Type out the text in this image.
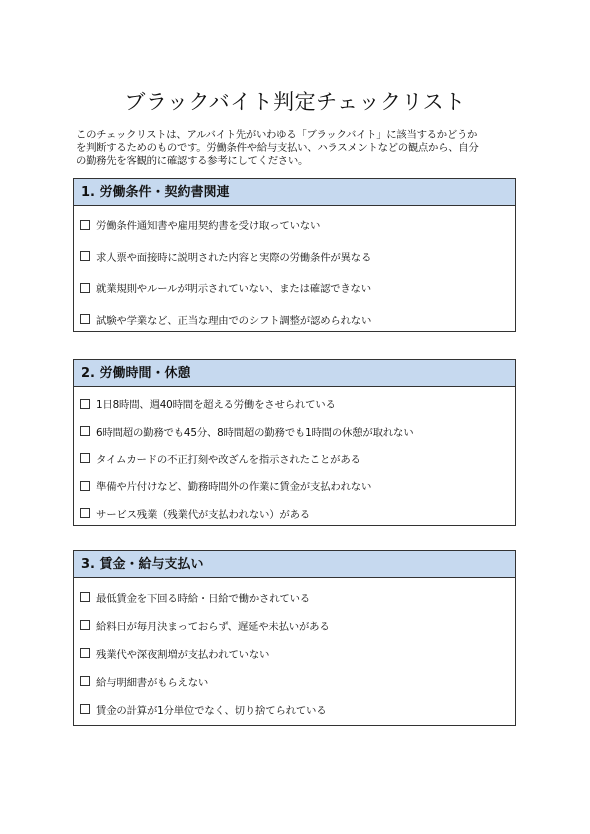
ブラックバイト判定チェックリスト

このチェックリストは、アルバイト先がいわゆる「ブラックバイト」に該当するかどうか
を判断するためのものです。労働条件や給与支払い、ハラスメントなどの観点から、自分
の勤務先を客観的に確認する参考にしてください。

1. 労働条件・契約書関連
労働条件通知書や雇用契約書を受け取っていない
求人票や面接時に説明された内容と実際の労働条件が異なる
就業規則やルールが明示されていない、または確認できない
試験や学業など、正当な理由でのシフト調整が認められない
2. 労働時間・休憩
1日8時間、週40時間を超える労働をさせられている
6時間超の勤務でも45分、8時間超の勤務でも1時間の休憩が取れない
タイムカードの不正打刻や改ざんを指示されたことがある
準備や片付けなど、勤務時間外の作業に賃金が支払われない
サービス残業（残業代が支払われない）がある
3. 賃金・給与支払い
最低賃金を下回る時給・日給で働かされている
給料日が毎月決まっておらず、遅延や未払いがある
残業代や深夜割増が支払われていない
給与明細書がもらえない
賃金の計算が1分単位でなく、切り捨てられている
